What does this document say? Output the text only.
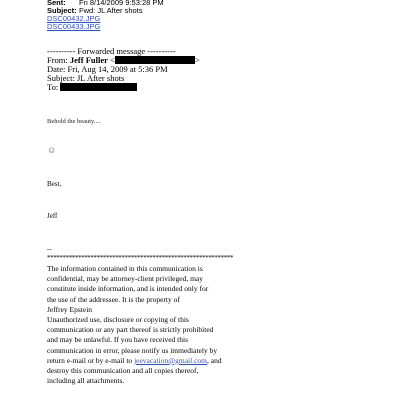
Sent: Fri 8/14/2009 9:53:28 PM
Subject: Fwd: JL After shots
DSC00432.JPG
DSC00433.JPG
---------- Forwarded message ----------
From: Jeff Fuller <	>
Date: Fri, Aug 14, 2009 at 5:36 PM
Subject: JL After shots
To:
Behold the beauty....
☺
Best,
Jeff
--
************************************************************
The information contained in this communication is
confidential, may be attorney-client privileged, may
constitute inside information, and is intended only for
the use of the addressee. It is the property of
Jeffrey Epstein
Unauthorized use, disclosure or copying of this
communication or any part thereof is strictly prohibited
and may be unlawful. If you have received this
communication in error, please notify us immediately by
return e-mail or by e-mail to jeevacation@gmail.com, and
destroy this communication and all copies thereof,
including all attachments.
